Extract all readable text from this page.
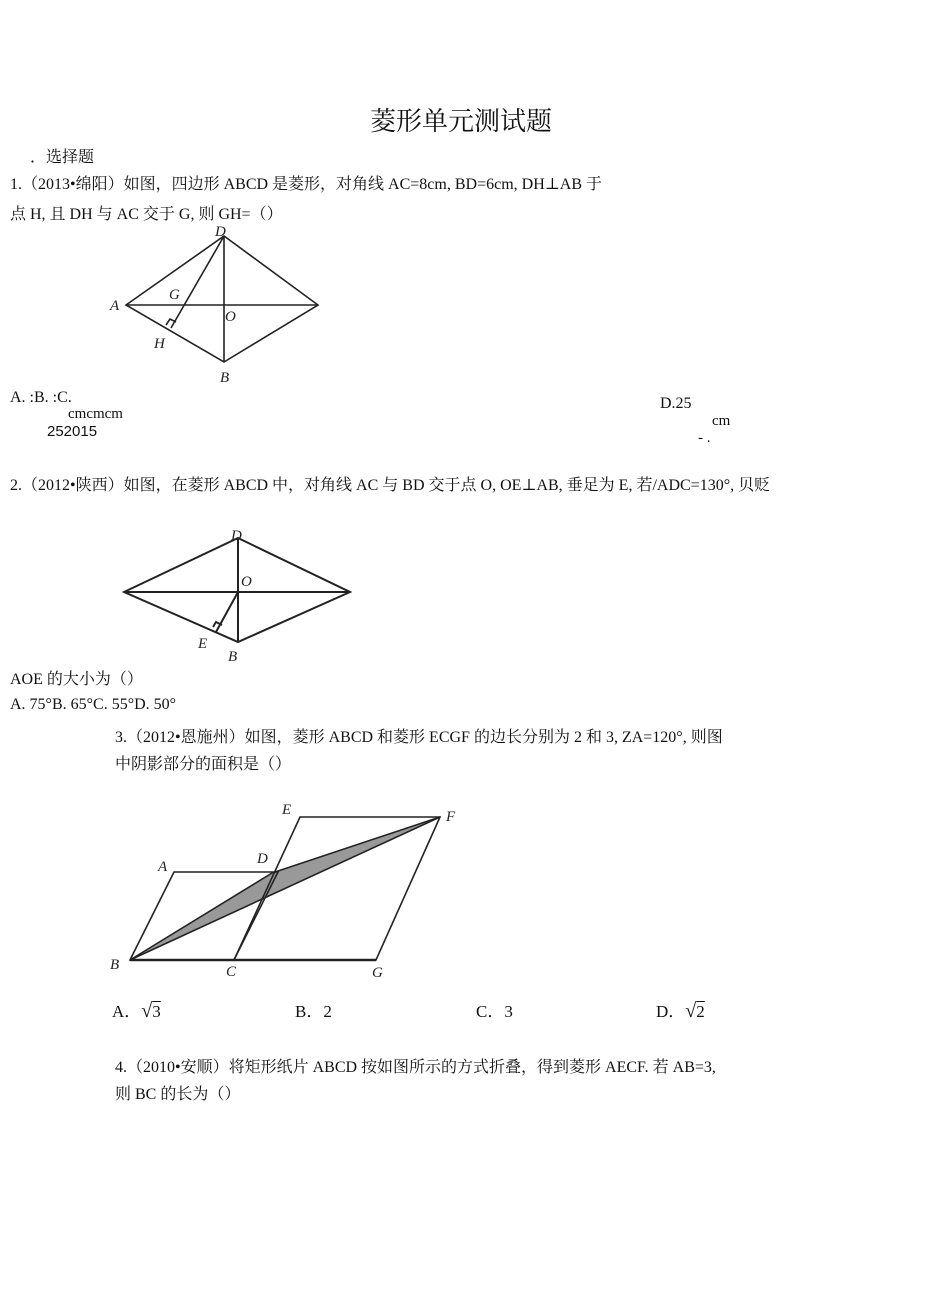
菱形单元测试题
．选择题
1.（2013•绵阳）如图，四边形 ABCD 是菱形，对角线 AC=8cm, BD=6cm, DH⊥AB 于
点 H, 且 DH 与 AC 交于 G, 则 GH=（）
D
A
G
O
H
B
A. :B. :C.
cmcmcm
252015
D.25
cm
- .
2.（2012•陕西）如图，在菱形 ABCD 中，对角线 AC 与 BD 交于点 O, OE⊥AB, 垂足为 E, 若/ADC=130°, 贝贬
D
O
E
B
AOE 的大小为（）
A. 75°B. 65°C. 55°D. 50°
3.（2012•恩施州）如图，菱形 ABCD 和菱形 ECGF 的边长分别为 2 和 3, ZA=120°, 则图
中阴影部分的面积是（）
E	F
A	D
B	C	G
A．√3	B．2	C．3	D．√2
4.（2010•安顺）将矩形纸片 ABCD 按如图所示的方式折叠，得到菱形 AECF. 若 AB=3,
则 BC 的长为（）
